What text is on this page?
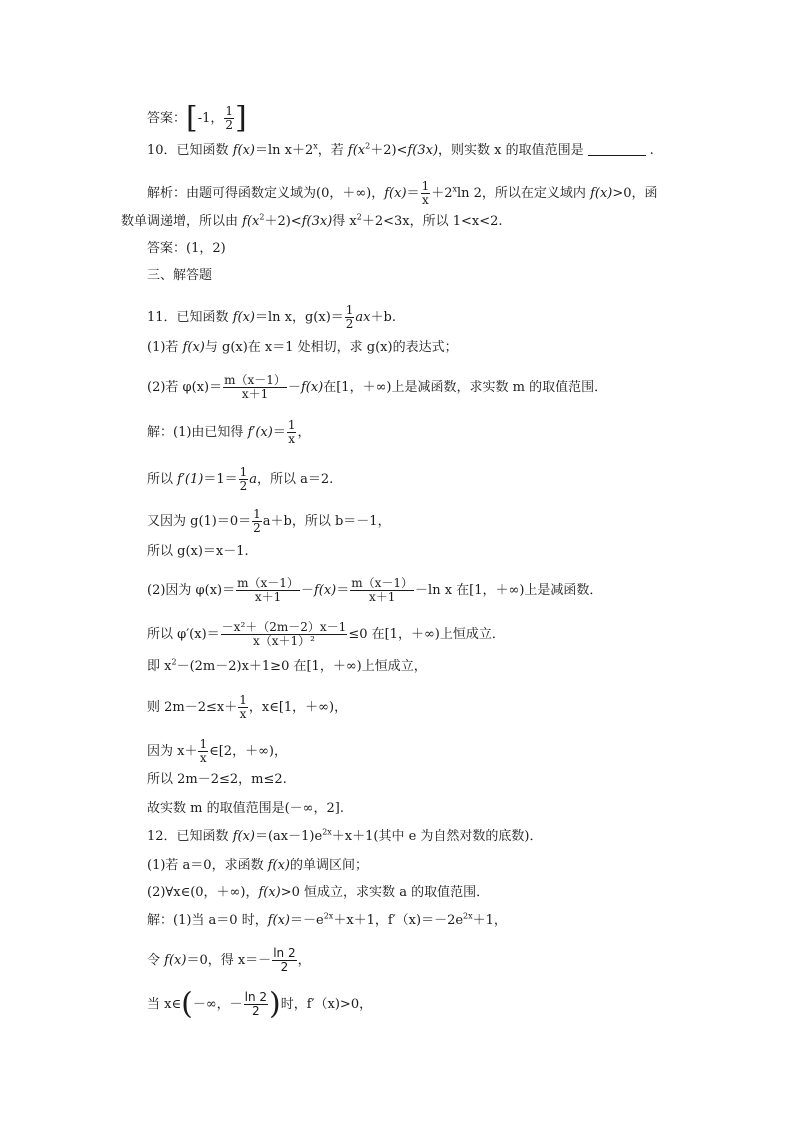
答案：[-1， $\frac{1}{2}$ ]
10．已知函数 f(x)＝ln $x+2^x$，若 $f(x^2+2)<f(3x)$，则实数 x 的取值范围是	.
解析：由题可得函数定义域为(0，＋∞)，$f(x)= \frac{1}{x} +2^x\ln$ 2，所以在定义域内 f(x)>0，函
数单调递增，所以由 $f(x^2+2)<f(3x)$得 $x^2+2<3x$，所以 1<x<2.
答案：(1，2)
三、解答题
11．已知函数 f(x)＝ln x，$g(x)= \frac{1}{2} ax+b$.
(1)若 f(x)与 g(x)在 x＝1 处相切，求 g(x)的表达式；
(2)若 $\varphi(x)= \frac{m(x-1)}{x+1} -f(x)$在[1，＋∞)上是减函数，求实数 m 的取值范围．
解：(1)由已知得 $f'(x)= \frac{1}{x}$ ，
所以 $f'(1)=1= \frac{1}{2}$ a，所以 a＝2.
又因为 $g(1)=0= \frac{1}{2} a+b$，所以 b＝－1，
所以 g(x)＝x－1.
(2)因为 $\varphi(x)= \frac{m(x-1)}{x+1} -f(x)= \frac{m(x-1)}{x+1} -\ln$ x 在[1，＋∞)上是减函数．
所以 $\varphi'(x)= \frac{\text{－x²＋（2m－2）x－1}}{\text{x（x＋1）²}} \le 0$ 在[1，＋∞)上恒成立．
即 $x^2-(2m-2)x+1\ge 0$ 在[1，＋∞)上恒成立，
则 $2m-2\le x+ \frac{1}{x}$ ，x∈[1，＋∞)，
因为 $x+ \frac{1}{x}$ ∈[2，＋∞)，
所以 2m－2≤2，m≤2.
故实数 m 的取值范围是(－∞，2].
12．已知函数 $f(x)=(ax-1)e^{2x}+x+1$(其中 e 为自然对数的底数)．
(1)若 a＝0，求函数 f(x)的单调区间；
(2)∀x∈(0，＋∞)，f(x)>0 恒成立，求实数 a 的取值范围．
解：(1)当 a＝0 时，$f(x)=-e^{2x}+x+1$，$f'(x)=-2e^{2x}+1$，
令 f(x)＝0，得 $x=- \frac{\ln 2}{2}$ ，
当 x∈(－∞，－ $\frac{\ln 2}{2}$ )时，f′（x)>0，
